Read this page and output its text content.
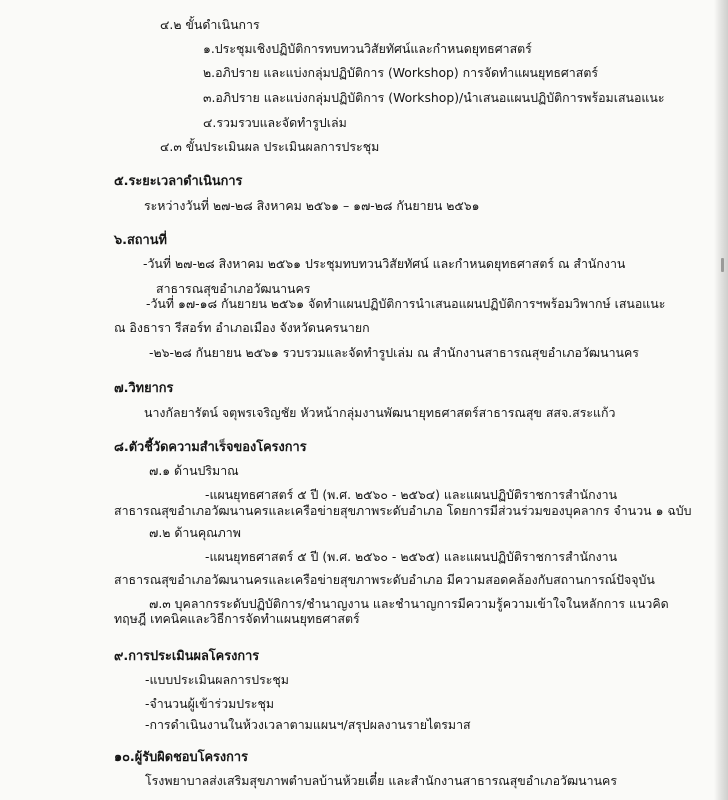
๔.๒ ขั้นดำเนินการ

๑.ประชุมเชิงปฏิบัติการทบทวนวิสัยทัศน์และกำหนดยุทธศาสตร์

๒.อภิปราย และแบ่งกลุ่มปฏิบัติการ (Workshop) การจัดทำแผนยุทธศาสตร์

๓.อภิปราย และแบ่งกลุ่มปฏิบัติการ (Workshop)/นำเสนอแผนปฏิบัติการพร้อมเสนอแนะ

๔.รวมรวบและจัดทำรูปเล่ม

๔.๓ ขั้นประเมินผล ประเมินผลการประชุม

๕.ระยะเวลาดำเนินการ

ระหว่างวันที่ ๒๗-๒๘ สิงหาคม ๒๕๖๑ – ๑๗-๒๘ กันยายน ๒๕๖๑

๖.สถานที่

-วันที่ ๒๗-๒๘ สิงหาคม ๒๕๖๑ ประชุมทบทวนวิสัยทัศน์ และกำหนดยุทธศาสตร์ ณ สำนักงาน

สาธารณสุขอำเภอวัฒนานคร

-วันที่ ๑๗-๑๘ กันยายน ๒๕๖๑ จัดทำแผนปฏิบัติการนำเสนอแผนปฏิบัติการฯพร้อมวิพากษ์ เสนอแนะ

ณ อิงธารา รีสอร์ท อำเภอเมือง จังหวัดนครนายก

-๒๖-๒๘ กันยายน ๒๕๖๑ รวบรวมและจัดทำรูปเล่ม ณ สำนักงานสาธารณสุขอำเภอวัฒนานคร

๗.วิทยากร

นางกัลยารัตน์ จตุพรเจริญชัย หัวหน้ากลุ่มงานพัฒนายุทธศาสตร์สาธารณสุข สสจ.สระแก้ว

๘.ตัวชี้วัดความสำเร็จของโครงการ

๗.๑ ด้านปริมาณ

-แผนยุทธศาสตร์ ๕ ปี (พ.ศ. ๒๕๖๐ - ๒๕๖๔) และแผนปฏิบัติราชการสำนักงาน

สาธารณสุขอำเภอวัฒนานครและเครือข่ายสุขภาพระดับอำเภอ โดยการมีส่วนร่วมของบุคลากร จำนวน ๑ ฉบับ

๗.๒ ด้านคุณภาพ

-แผนยุทธศาสตร์ ๕ ปี (พ.ศ. ๒๕๖๐ - ๒๕๖๕) และแผนปฏิบัติราชการสำนักงาน

สาธารณสุขอำเภอวัฒนานครและเครือข่ายสุขภาพระดับอำเภอ มีความสอดคล้องกับสถานการณ์ปัจจุบัน

๗.๓ บุคลากรระดับปฏิบัติการ/ชำนาญงาน และชำนาญการมีความรู้ความเข้าใจในหลักการ แนวคิด

ทฤษฎี เทคนิคและวิธีการจัดทำแผนยุทธศาสตร์

๙.การประเมินผลโครงการ

-แบบประเมินผลการประชุม

-จำนวนผู้เข้าร่วมประชุม

-การดำเนินงานในห้วงเวลาตามแผนฯ/สรุปผลงานรายไตรมาส

๑๐.ผู้รับผิดชอบโครงการ

โรงพยาบาลส่งเสริมสุขภาพตำบลบ้านห้วยเตี๋ย และสำนักงานสาธารณสุขอำเภอวัฒนานคร
